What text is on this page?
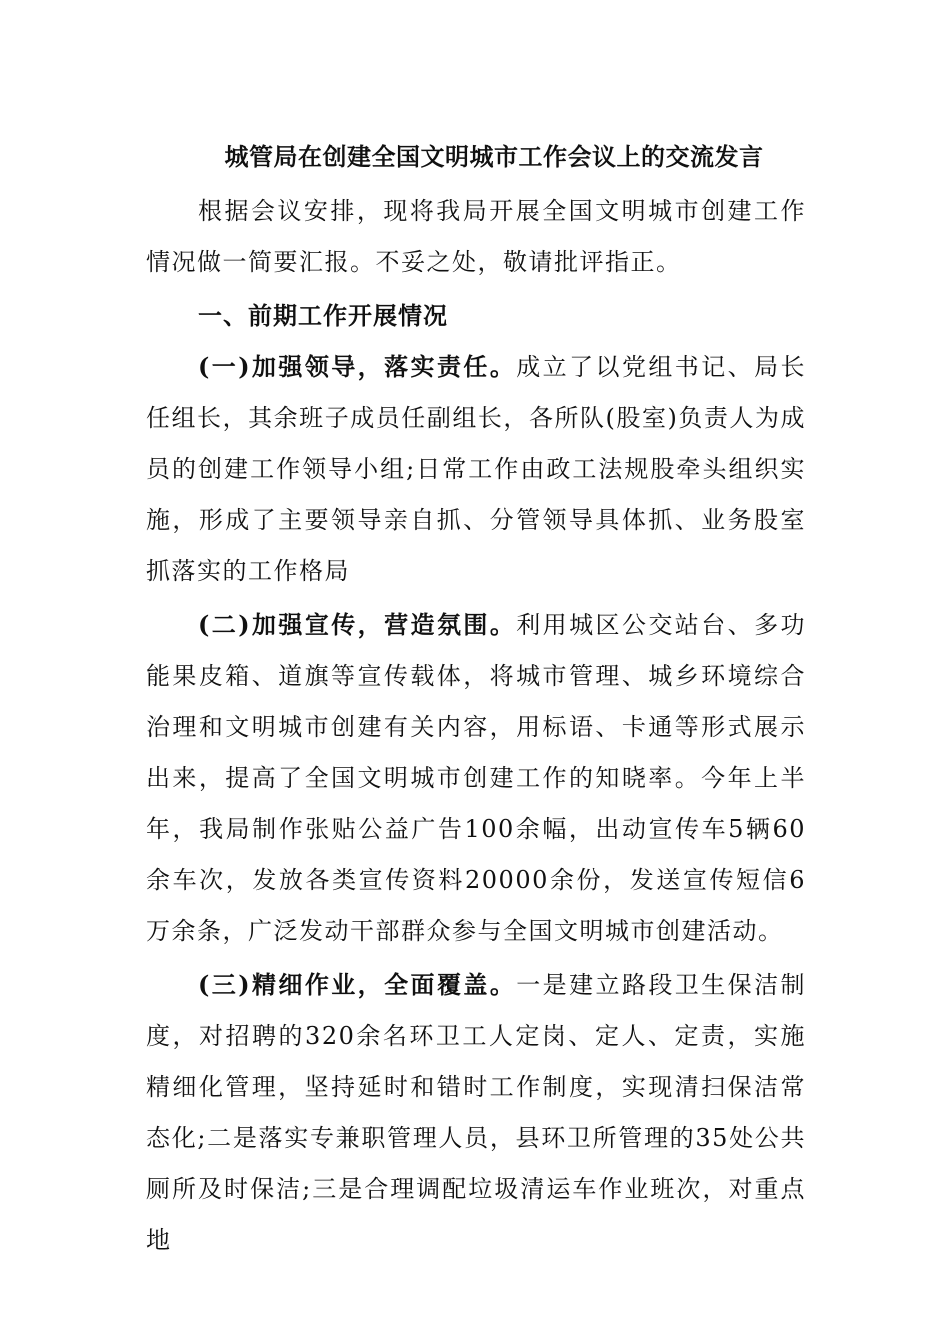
城管局在创建全国文明城市工作会议上的交流发言

根据会议安排，现将我局开展全国文明城市创建工作情况做一简要汇报。不妥之处，敬请批评指正。

一、前期工作开展情况

(一)加强领导，落实责任。成立了以党组书记、局长任组长，其余班子成员任副组长，各所队(股室)负责人为成员的创建工作领导小组;日常工作由政工法规股牵头组织实施，形成了主要领导亲自抓、分管领导具体抓、业务股室抓落实的工作格局

(二)加强宣传，营造氛围。利用城区公交站台、多功能果皮箱、道旗等宣传载体，将城市管理、城乡环境综合治理和文明城市创建有关内容，用标语、卡通等形式展示出来，提高了全国文明城市创建工作的知晓率。今年上半年，我局制作张贴公益广告100余幅，出动宣传车5辆60余车次，发放各类宣传资料20000余份，发送宣传短信6万余条，广泛发动干部群众参与全国文明城市创建活动。

(三)精细作业，全面覆盖。一是建立路段卫生保洁制度，对招聘的320余名环卫工人定岗、定人、定责，实施精细化管理，坚持延时和错时工作制度，实现清扫保洁常态化;二是落实专兼职管理人员，县环卫所管理的35处公共厕所及时保洁;三是合理调配垃圾清运车作业班次，对重点地
